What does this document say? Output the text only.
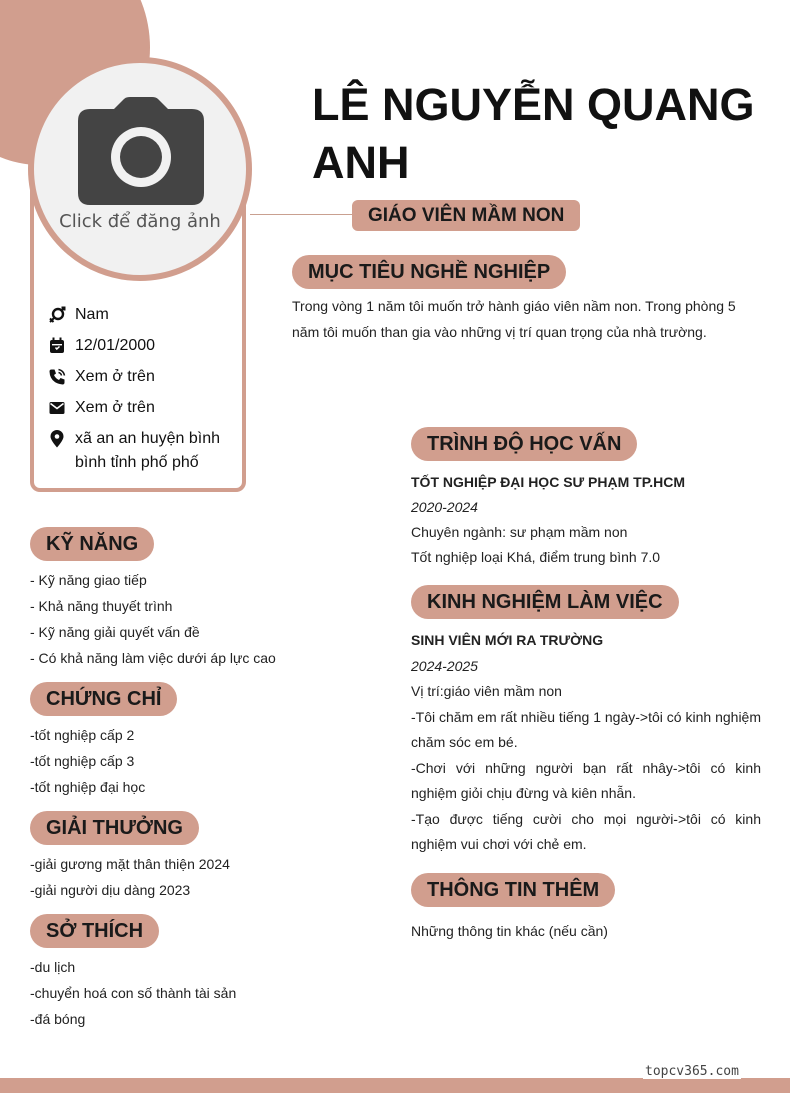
Click để đăng ảnh
LÊ NGUYỄN QUANG
ANH
GIÁO VIÊN MẦM NON
Nam
12/01/2000
Xem ở trên
Xem ở trên
xã an an huyện bình bình tỉnh phố phố
MỤC TIÊU NGHỀ NGHIỆP

Trong vòng 1 năm tôi muốn trở hành giáo viên nầm non. Trong phòng 5 năm tôi muốn than gia vào những vị trí quan trọng của nhà trường.

KỸ NĂNG

- Kỹ năng giao tiếp

- Khả năng thuyết trình

- Kỹ năng giải quyết vấn đề

- Có khả năng làm việc dưới áp lực cao

CHỨNG CHỈ

-tốt nghiệp cấp 2

-tốt nghiệp cấp 3

-tốt nghiệp đại học

GIẢI THƯỞNG

-giải gương mặt thân thiện 2024

-giải người dịu dàng 2023

SỞ THÍCH

-du lịch

-chuyển hoá con số thành tài sản

-đá bóng

TRÌNH ĐỘ HỌC VẤN

TỐT NGHIỆP ĐẠI HỌC SƯ PHẠM TP.HCM

2020-2024

Chuyên ngành: sư phạm mầm non

Tốt nghiệp loại Khá, điểm trung bình 7.0

KINH NGHIỆM LÀM VIỆC

SINH VIÊN MỚI RA TRƯỜNG

2024-2025

Vị trí:giáo viên mầm non

-Tôi chăm em rất nhiều tiếng 1 ngày->tôi có kinh nghiệm chăm sóc em bé.

-Chơi với những người bạn rất nhây->tôi có kinh nghiệm giỏi chịu đừng và kiên nhẫn.

-Tạo được tiếng cười cho mọi người->tôi có kinh nghiệm vui chơi với chẻ em.

THÔNG TIN THÊM

Những thông tin khác (nếu cần)

topcv365.com
